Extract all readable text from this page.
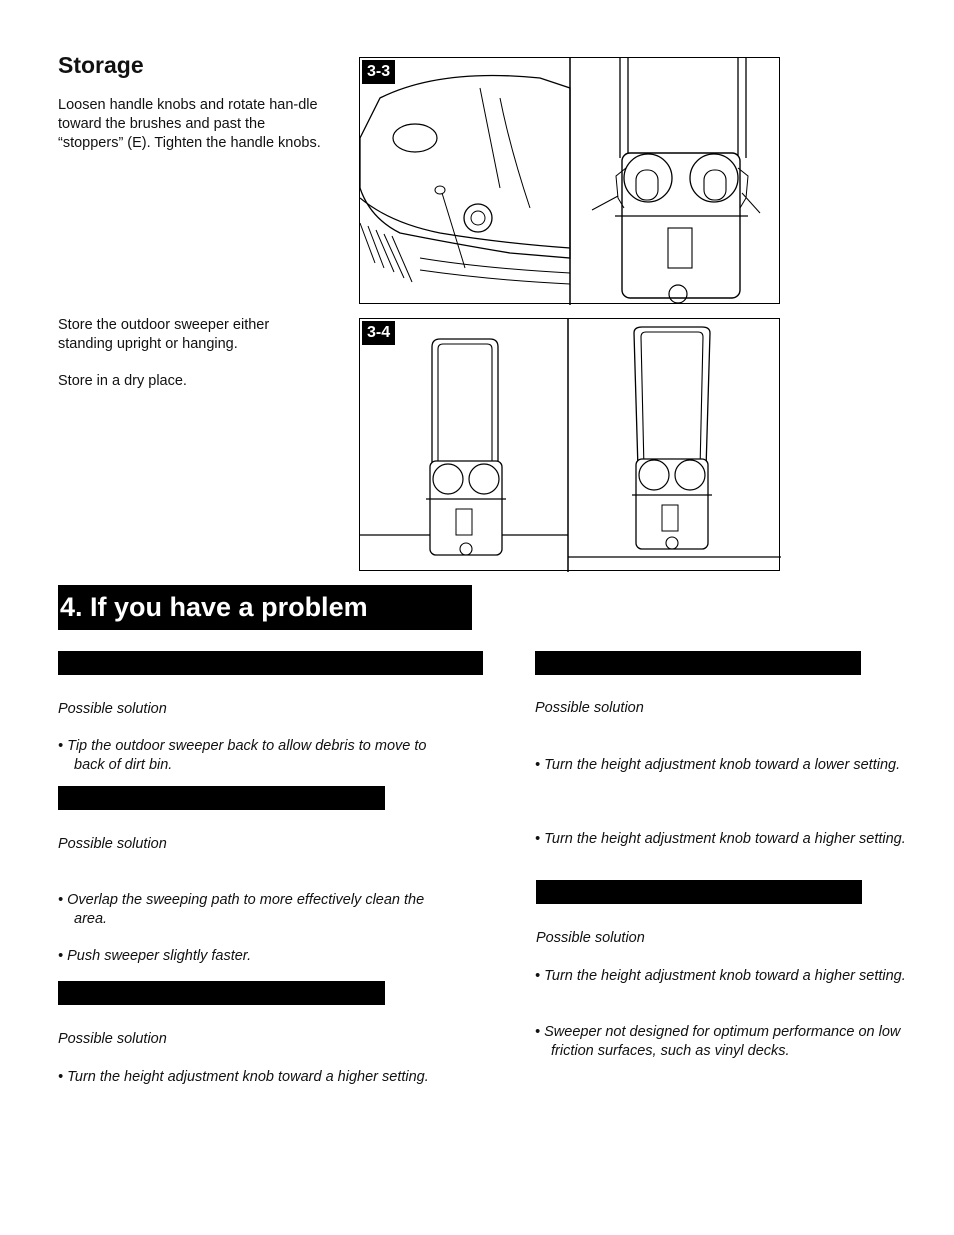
Storage

Loosen handle knobs and rotate han-dle toward the brushes and past the “stoppers” (E). Tighten the handle knobs.

Store the outdoor sweeper either standing upright or hanging.

Store in a dry place.

3-3
3-4
4. If you have a problem

Possible solution

• Tip the outdoor sweeper back to allow debris to move to back of dirt bin.

Possible solution

• Overlap the sweeping path to more effectively clean the area.

• Push sweeper slightly faster.

Possible solution

• Turn the height adjustment knob toward a higher setting.

Possible solution

• Turn the height adjustment knob toward a lower setting.

• Turn the height adjustment knob toward a higher setting.

Possible solution

• Turn the height adjustment knob toward a higher setting.

• Sweeper not designed for optimum performance on low friction surfaces, such as vinyl decks.
